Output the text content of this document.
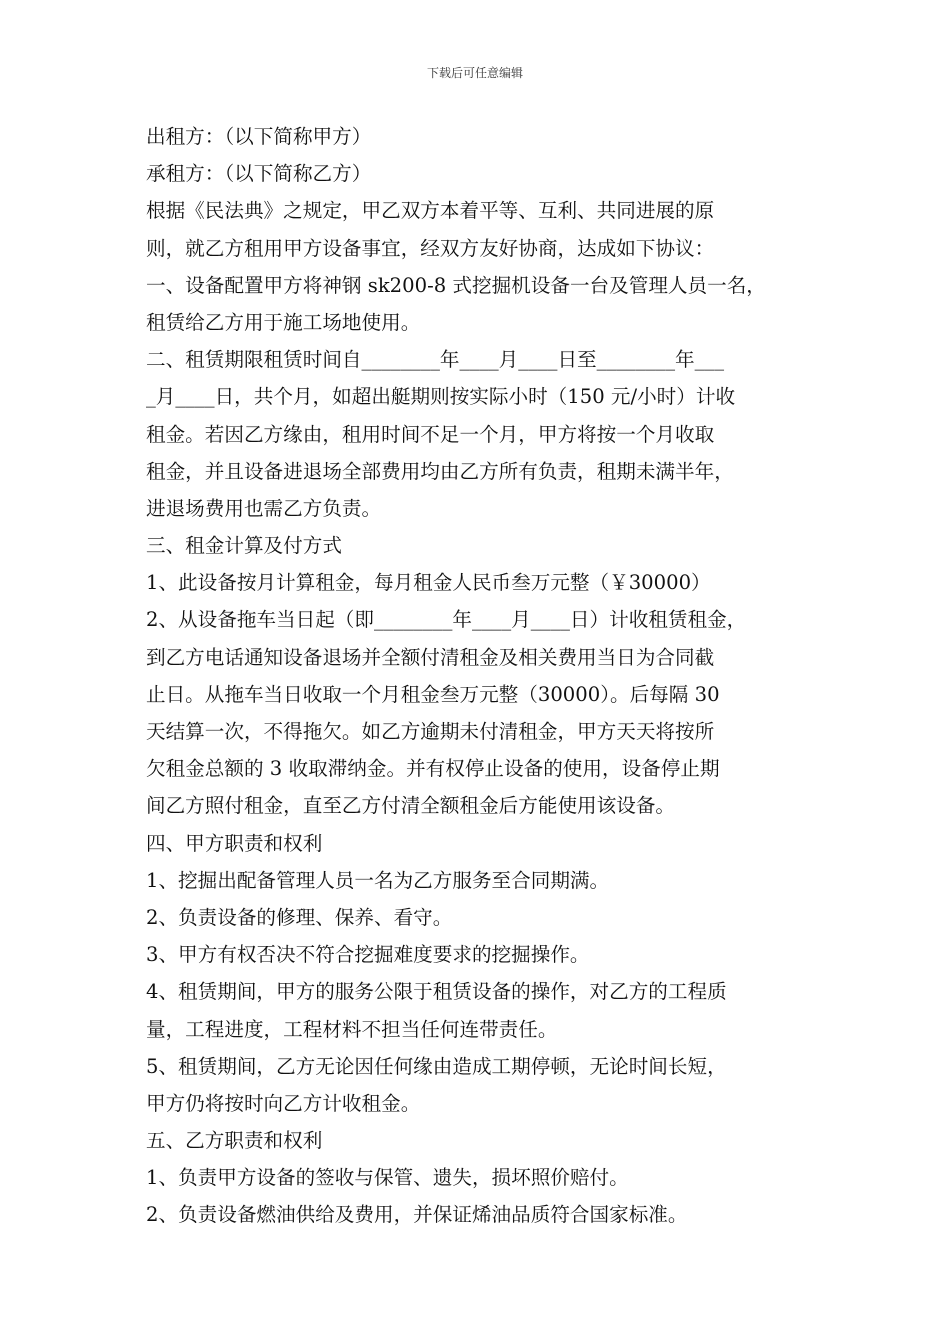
下载后可任意编辑
出租方：（以下简称甲方）
承租方：（以下简称乙方）
根据《民法典》之规定，甲乙双方本着平等、互利、共同进展的原
则，就乙方租用甲方设备事宜，经双方友好协商，达成如下协议：
一、设备配置甲方将神钢 sk200-8 式挖掘机设备一台及管理人员一名，
租赁给乙方用于施工场地使用。
二、租赁期限租赁时间自________年____月____日至________年___
_月____日，共个月，如超出艇期则按实际小时（150 元/小时）计收
租金。若因乙方缘由，租用时间不足一个月，甲方将按一个月收取
租金，并且设备进退场全部费用均由乙方所有负责，租期未满半年，
进退场费用也需乙方负责。
三、租金计算及付方式
1、此设备按月计算租金，每月租金人民币叁万元整（￥30000）
2、从设备拖车当日起（即________年____月____日）计收租赁租金，
到乙方电话通知设备退场并全额付清租金及相关费用当日为合同截
止日。从拖车当日收取一个月租金叁万元整（30000）。后每隔 30
天结算一次，不得拖欠。如乙方逾期未付清租金，甲方天天将按所
欠租金总额的 3 收取滞纳金。并有权停止设备的使用，设备停止期
间乙方照付租金，直至乙方付清全额租金后方能使用该设备。
四、甲方职责和权利
1、挖掘出配备管理人员一名为乙方服务至合同期满。
2、负责设备的修理、保养、看守。
3、甲方有权否决不符合挖掘难度要求的挖掘操作。
4、租赁期间，甲方的服务公限于租赁设备的操作，对乙方的工程质
量，工程进度，工程材料不担当任何连带责任。
5、租赁期间，乙方无论因任何缘由造成工期停顿，无论时间长短，
甲方仍将按时向乙方计收租金。
五、乙方职责和权利
1、负责甲方设备的签收与保管、遗失，损坏照价赔付。
2、负责设备燃油供给及费用，并保证烯油品质符合国家标准。
